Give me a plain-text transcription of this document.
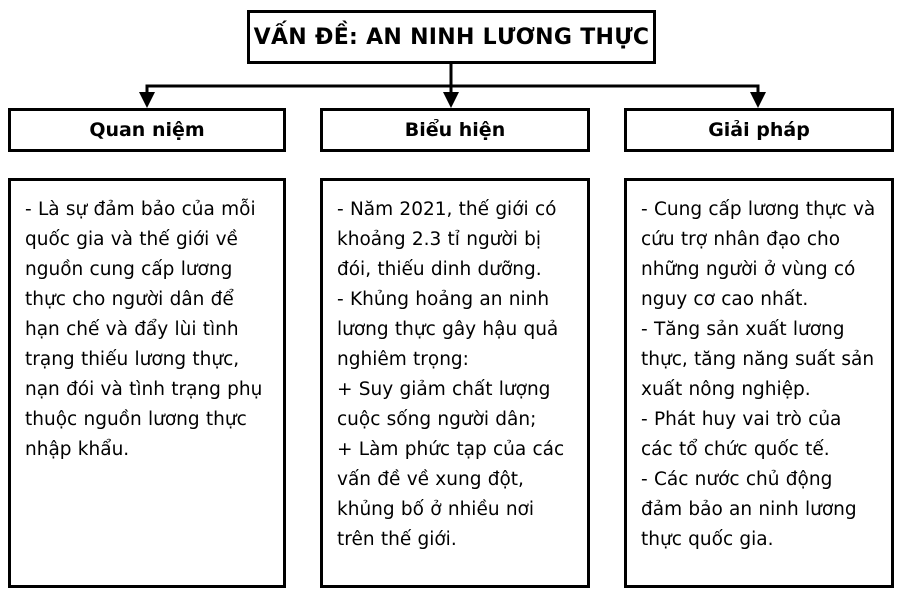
VẤN ĐỀ: AN NINH LƯƠNG THỰC
Quan niệm	Biểu hiện	Giải pháp

- Là sự đảm bảo của mỗi quốc gia và thế giới về nguồn cung cấp lương thực cho người dân để hạn chế và đẩy lùi tình trạng thiếu lương thực, nạn đói và tình trạng phụ thuộc nguồn lương thực nhập khẩu.

- Năm 2021, thế giới có khoảng 2.3 tỉ người bị đói, thiếu dinh dưỡng.

- Khủng hoảng an ninh lương thực gây hậu quả nghiêm trọng:

+ Suy giảm chất lượng cuộc sống người dân;

+ Làm phức tạp của các vấn đề về xung đột, khủng bố ở nhiều nơi trên thế giới.

- Cung cấp lương thực và cứu trợ nhân đạo cho những người ở vùng có nguy cơ cao nhất.

- Tăng sản xuất lương thực, tăng năng suất sản xuất nông nghiệp.

- Phát huy vai trò của các tổ chức quốc tế.

- Các nước chủ động đảm bảo an ninh lương thực quốc gia.
